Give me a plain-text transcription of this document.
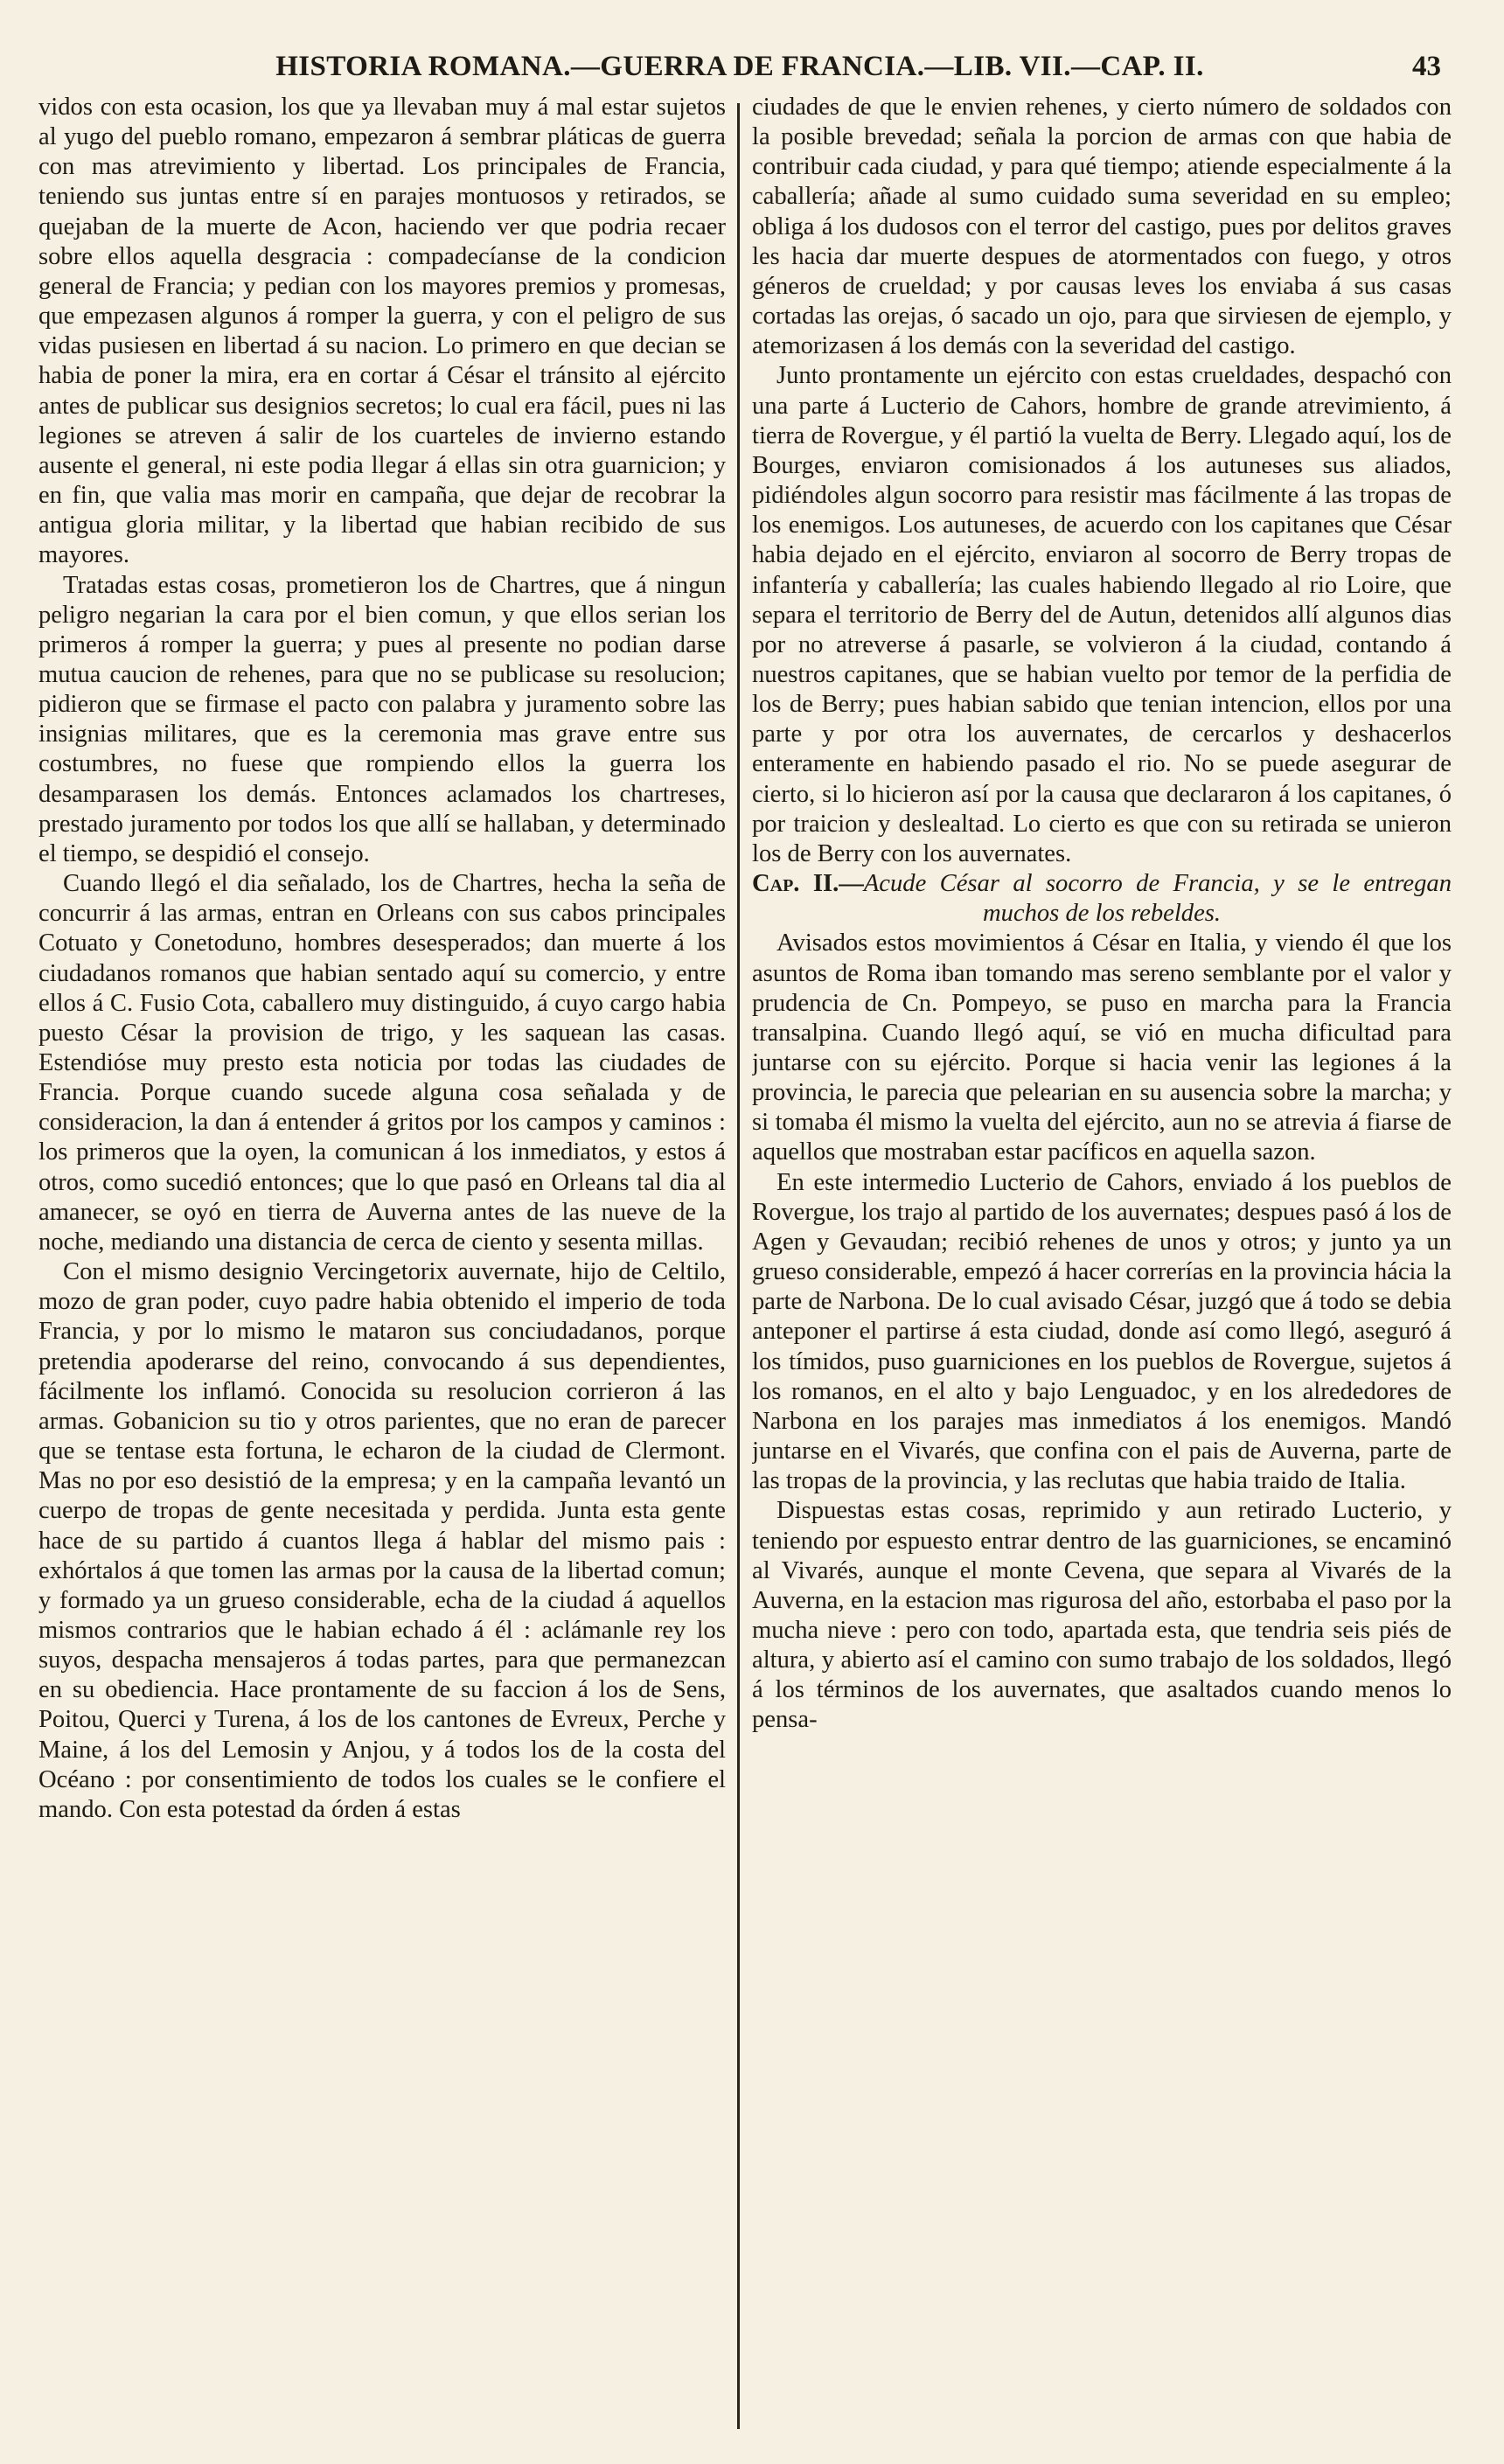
HISTORIA ROMANA.—GUERRA DE FRANCIA.—LIB. VII.—CAP. II.	43

vidos con esta ocasion, los que ya llevaban muy á mal estar sujetos al yugo del pueblo romano, empezaron á sembrar pláticas de guerra con mas atrevimiento y libertad. Los principales de Francia, teniendo sus juntas entre sí en parajes montuosos y retirados, se quejaban de la muerte de Acon, haciendo ver que podria recaer sobre ellos aquella desgracia : compadecíanse de la condicion general de Francia; y pedian con los mayores premios y promesas, que empezasen algunos á romper la guerra, y con el peligro de sus vidas pusiesen en libertad á su nacion. Lo primero en que decian se habia de poner la mira, era en cortar á César el tránsito al ejército antes de publicar sus designios secretos; lo cual era fácil, pues ni las legiones se atreven á salir de los cuarteles de invierno estando ausente el general, ni este podia llegar á ellas sin otra guarnicion; y en fin, que valia mas morir en campaña, que dejar de recobrar la antigua gloria militar, y la libertad que habian recibido de sus mayores.

Tratadas estas cosas, prometieron los de Chartres, que á ningun peligro negarian la cara por el bien comun, y que ellos serian los primeros á romper la guerra; y pues al presente no podian darse mutua caucion de rehenes, para que no se publicase su resolucion; pidieron que se firmase el pacto con palabra y juramento sobre las insignias militares, que es la ceremonia mas grave entre sus costumbres, no fuese que rompiendo ellos la guerra los desamparasen los demás. Entonces aclamados los chartreses, prestado juramento por todos los que allí se hallaban, y determinado el tiempo, se despidió el consejo.

Cuando llegó el dia señalado, los de Chartres, hecha la seña de concurrir á las armas, entran en Orleans con sus cabos principales Cotuato y Conetoduno, hombres desesperados; dan muerte á los ciudadanos romanos que habian sentado aquí su comercio, y entre ellos á C. Fusio Cota, caballero muy distinguido, á cuyo cargo habia puesto César la provision de trigo, y les saquean las casas. Estendióse muy presto esta noticia por todas las ciudades de Francia. Porque cuando sucede alguna cosa señalada y de consideracion, la dan á entender á gritos por los campos y caminos : los primeros que la oyen, la comunican á los inmediatos, y estos á otros, como sucedió entonces; que lo que pasó en Orleans tal dia al amanecer, se oyó en tierra de Auverna antes de las nueve de la noche, mediando una distancia de cerca de ciento y sesenta millas.

Con el mismo designio Vercingetorix auvernate, hijo de Celtilo, mozo de gran poder, cuyo padre habia obtenido el imperio de toda Francia, y por lo mismo le mataron sus conciudadanos, porque pretendia apoderarse del reino, convocando á sus dependientes, fácilmente los inflamó. Conocida su resolucion corrieron á las armas. Gobanicion su tio y otros parientes, que no eran de parecer que se tentase esta fortuna, le echaron de la ciudad de Clermont. Mas no por eso desistió de la empresa; y en la campaña levantó un cuerpo de tropas de gente necesitada y perdida. Junta esta gente hace de su partido á cuantos llega á hablar del mismo pais : exhórtalos á que tomen las armas por la causa de la libertad comun; y formado ya un grueso considerable, echa de la ciudad á aquellos mismos contrarios que le habian echado á él : aclámanle rey los suyos, despacha mensajeros á todas partes, para que permanezcan en su obediencia. Hace prontamente de su faccion á los de Sens, Poitou, Querci y Turena, á los de los cantones de Evreux, Perche y Maine, á los del Lemosin y Anjou, y á todos los de la costa del Océano : por consentimiento de todos los cuales se le confiere el mando. Con esta potestad da órden á estas

ciudades de que le envien rehenes, y cierto número de soldados con la posible brevedad; señala la porcion de armas con que habia de contribuir cada ciudad, y para qué tiempo; atiende especialmente á la caballería; añade al sumo cuidado suma severidad en su empleo; obliga á los dudosos con el terror del castigo, pues por delitos graves les hacia dar muerte despues de atormentados con fuego, y otros géneros de crueldad; y por causas leves los enviaba á sus casas cortadas las orejas, ó sacado un ojo, para que sirviesen de ejemplo, y atemorizasen á los demás con la severidad del castigo.

Junto prontamente un ejército con estas crueldades, despachó con una parte á Lucterio de Cahors, hombre de grande atrevimiento, á tierra de Rovergue, y él partió la vuelta de Berry. Llegado aquí, los de Bourges, enviaron comisionados á los autuneses sus aliados, pidiéndoles algun socorro para resistir mas fácilmente á las tropas de los enemigos. Los autuneses, de acuerdo con los capitanes que César habia dejado en el ejército, enviaron al socorro de Berry tropas de infantería y caballería; las cuales habiendo llegado al rio Loire, que separa el territorio de Berry del de Autun, detenidos allí algunos dias por no atreverse á pasarle, se volvieron á la ciudad, contando á nuestros capitanes, que se habian vuelto por temor de la perfidia de los de Berry; pues habian sabido que tenian intencion, ellos por una parte y por otra los auvernates, de cercarlos y deshacerlos enteramente en habiendo pasado el rio. No se puede asegurar de cierto, si lo hicieron así por la causa que declararon á los capitanes, ó por traicion y deslealtad. Lo cierto es que con su retirada se unieron los de Berry con los auvernates.

Cap. II.—Acude César al socorro de Francia, y se le entregan muchos de los rebeldes.

Avisados estos movimientos á César en Italia, y viendo él que los asuntos de Roma iban tomando mas sereno semblante por el valor y prudencia de Cn. Pompeyo, se puso en marcha para la Francia transalpina. Cuando llegó aquí, se vió en mucha dificultad para juntarse con su ejército. Porque si hacia venir las legiones á la provincia, le parecia que pelearian en su ausencia sobre la marcha; y si tomaba él mismo la vuelta del ejército, aun no se atrevia á fiarse de aquellos que mostraban estar pacíficos en aquella sazon.

En este intermedio Lucterio de Cahors, enviado á los pueblos de Rovergue, los trajo al partido de los auvernates; despues pasó á los de Agen y Gevaudan; recibió rehenes de unos y otros; y junto ya un grueso considerable, empezó á hacer correrías en la provincia hácia la parte de Narbona. De lo cual avisado César, juzgó que á todo se debia anteponer el partirse á esta ciudad, donde así como llegó, aseguró á los tímidos, puso guarniciones en los pueblos de Rovergue, sujetos á los romanos, en el alto y bajo Lenguadoc, y en los alrededores de Narbona en los parajes mas inmediatos á los enemigos. Mandó juntarse en el Vivarés, que confina con el pais de Auverna, parte de las tropas de la provincia, y las reclutas que habia traido de Italia.

Dispuestas estas cosas, reprimido y aun retirado Lucterio, y teniendo por espuesto entrar dentro de las guarniciones, se encaminó al Vivarés, aunque el monte Cevena, que separa al Vivarés de la Auverna, en la estacion mas rigurosa del año, estorbaba el paso por la mucha nieve : pero con todo, apartada esta, que tendria seis piés de altura, y abierto así el camino con sumo trabajo de los soldados, llegó á los términos de los auvernates, que asaltados cuando menos lo pensa-
